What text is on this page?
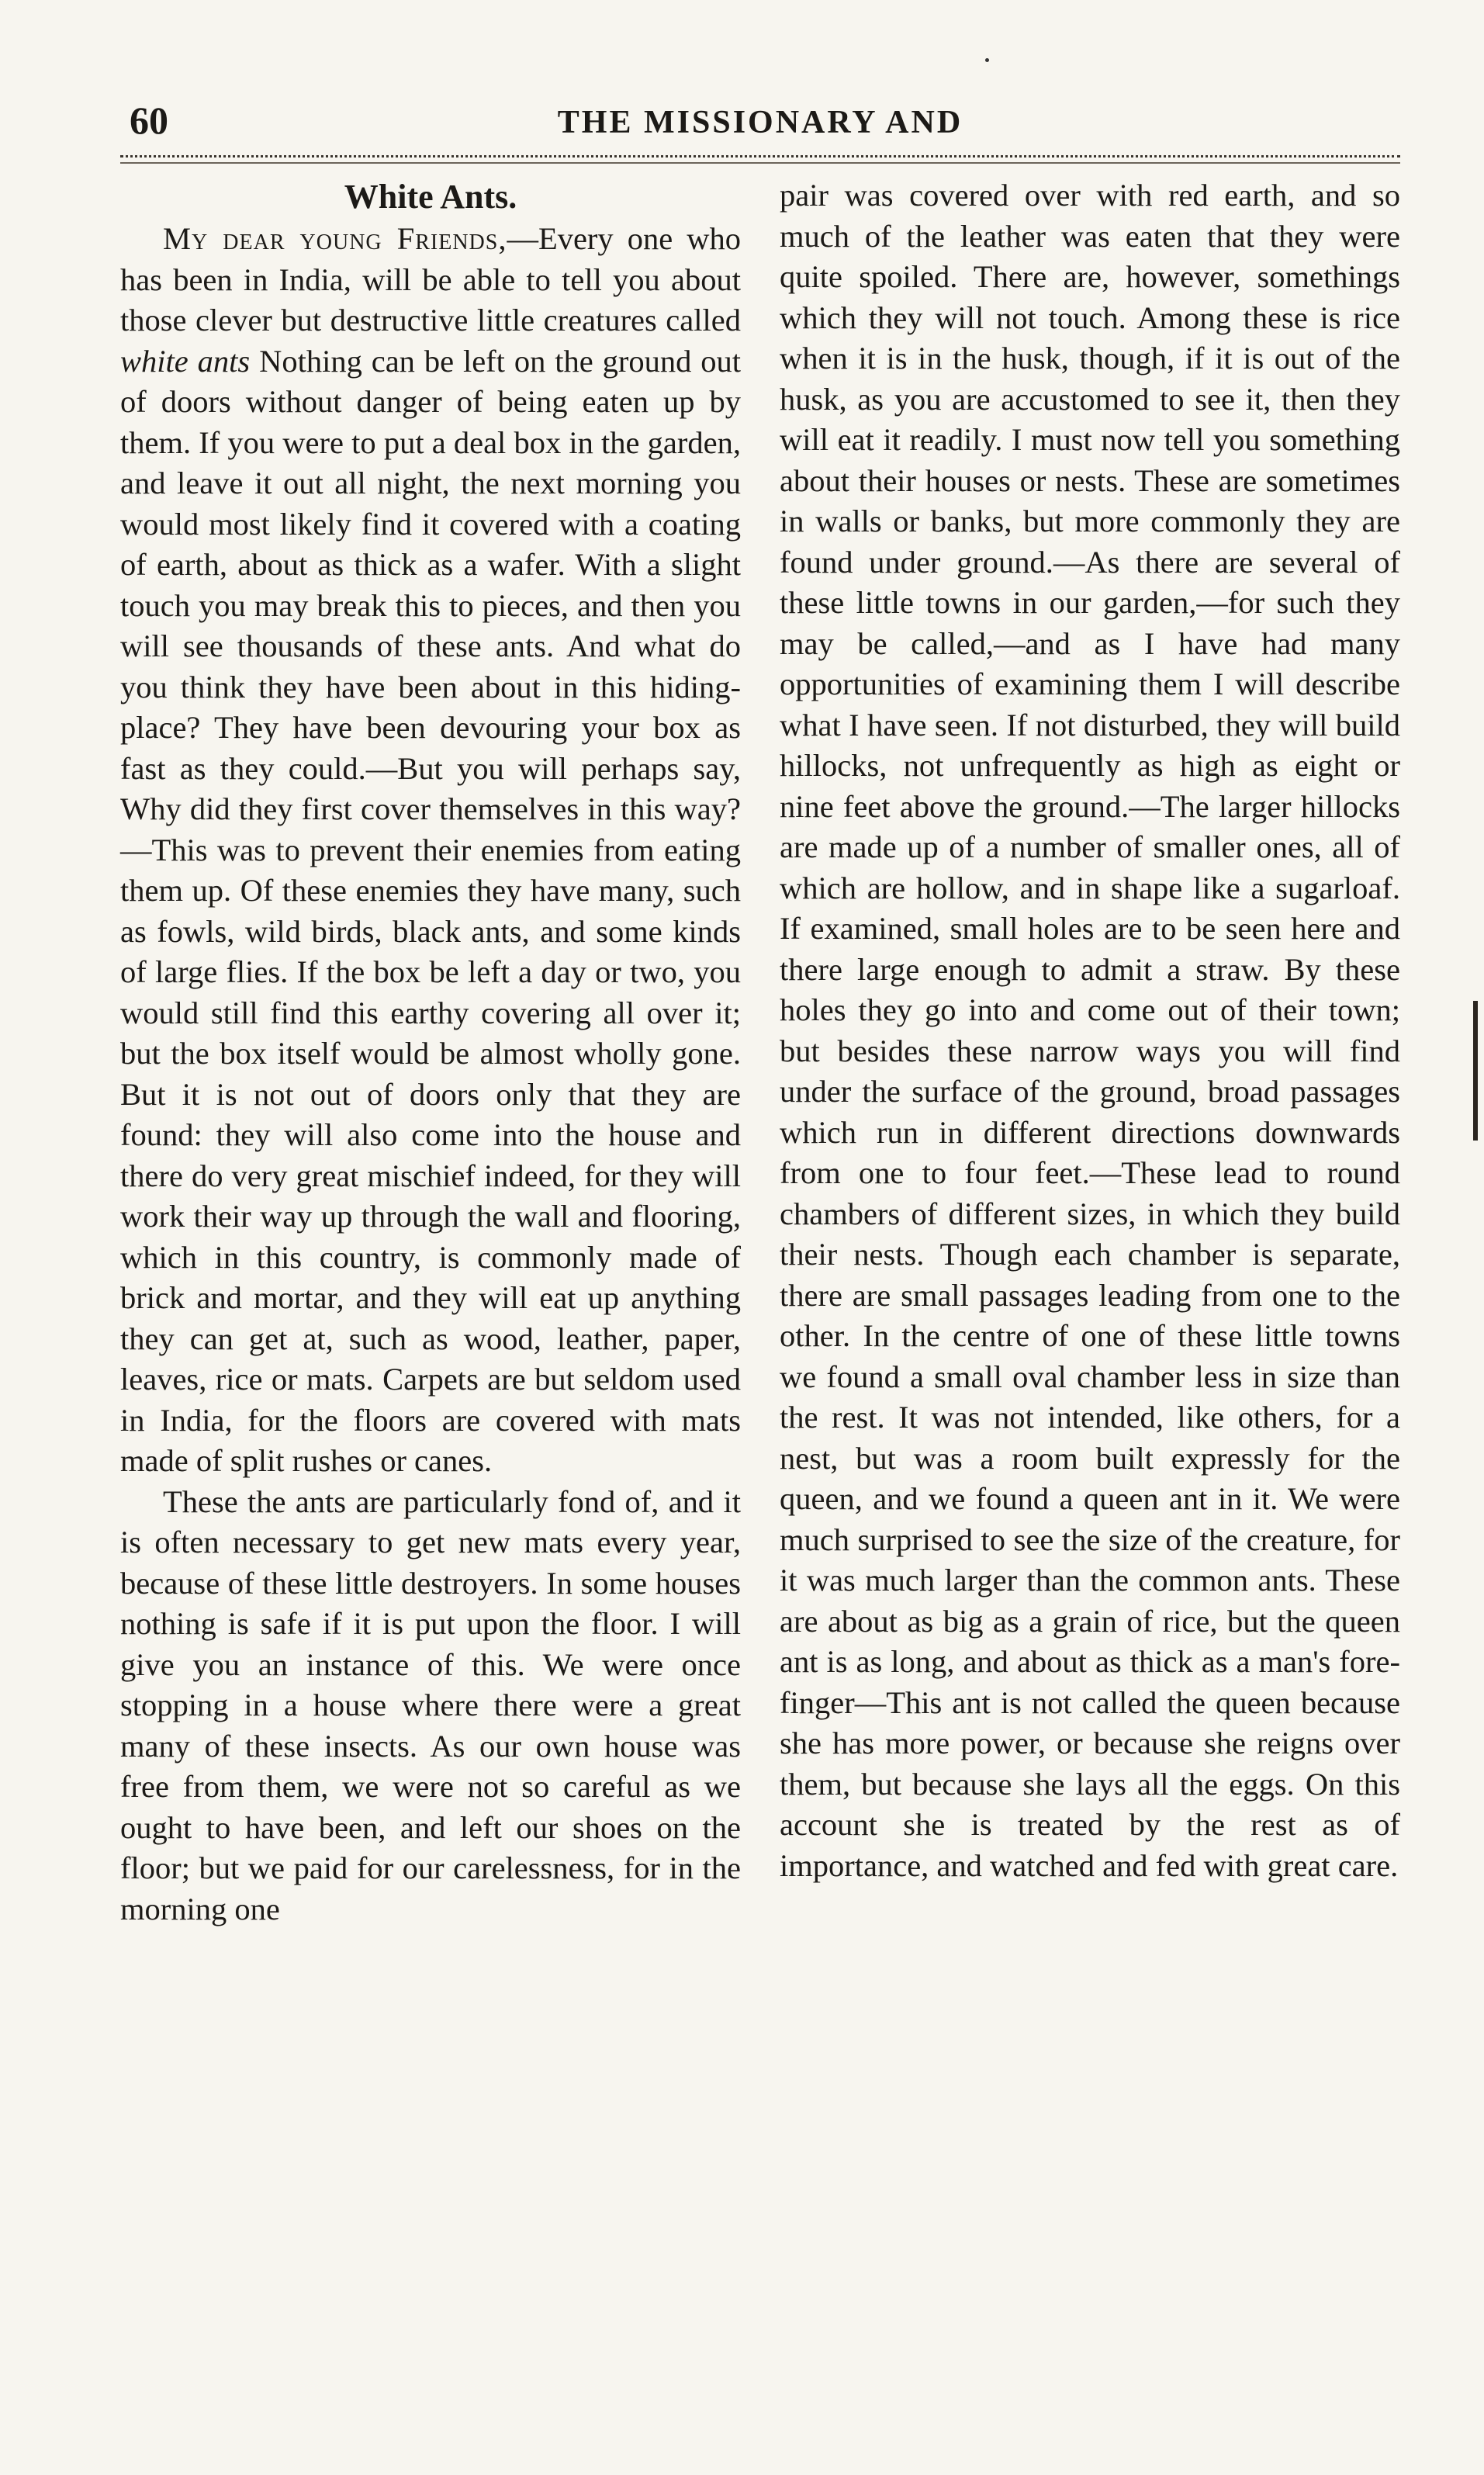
60	THE MISSIONARY AND
White Ants.

My dear young Friends,—Every one who has been in India, will be able to tell you about those clever but destructive little creatures called white ants Nothing can be left on the ground out of doors without danger of being eaten up by them. If you were to put a deal box in the garden, and leave it out all night, the next morning you would most likely find it covered with a coating of earth, about as thick as a wafer. With a slight touch you may break this to pieces, and then you will see thousands of these ants. And what do you think they have been about in this hiding-place? They have been devouring your box as fast as they could.—But you will perhaps say, Why did they first cover themselves in this way?—This was to prevent their enemies from eating them up. Of these enemies they have many, such as fowls, wild birds, black ants, and some kinds of large flies. If the box be left a day or two, you would still find this earthy covering all over it; but the box itself would be almost wholly gone. But it is not out of doors only that they are found: they will also come into the house and there do very great mischief indeed, for they will work their way up through the wall and flooring, which in this country, is commonly made of brick and mortar, and they will eat up anything they can get at, such as wood, leather, paper, leaves, rice or mats. Carpets are but seldom used in India, for the floors are covered with mats made of split rushes or canes.

These the ants are particularly fond of, and it is often necessary to get new mats every year, because of these little destroyers. In some houses nothing is safe if it is put upon the floor. I will give you an instance of this. We were once stopping in a house where there were a great many of these insects. As our own house was free from them, we were not so careful as we ought to have been, and left our shoes on the floor; but we paid for our carelessness, for in the morning one

pair was covered over with red earth, and so much of the leather was eaten that they were quite spoiled. There are, however, somethings which they will not touch. Among these is rice when it is in the husk, though, if it is out of the husk, as you are accustomed to see it, then they will eat it readily. I must now tell you something about their houses or nests. These are sometimes in walls or banks, but more commonly they are found under ground.—As there are several of these little towns in our garden,—for such they may be called,—and as I have had many opportunities of examining them I will describe what I have seen. If not disturbed, they will build hillocks, not unfrequently as high as eight or nine feet above the ground.—The larger hillocks are made up of a number of smaller ones, all of which are hollow, and in shape like a sugarloaf. If examined, small holes are to be seen here and there large enough to admit a straw. By these holes they go into and come out of their town; but besides these narrow ways you will find under the surface of the ground, broad passages which run in different directions downwards from one to four feet.—These lead to round chambers of different sizes, in which they build their nests. Though each chamber is separate, there are small passages leading from one to the other. In the centre of one of these little towns we found a small oval chamber less in size than the rest. It was not intended, like others, for a nest, but was a room built expressly for the queen, and we found a queen ant in it. We were much surprised to see the size of the creature, for it was much larger than the common ants. These are about as big as a grain of rice, but the queen ant is as long, and about as thick as a man's fore-finger—This ant is not called the queen because she has more power, or because she reigns over them, but because she lays all the eggs. On this account she is treated by the rest as of importance, and watched and fed with great care.
